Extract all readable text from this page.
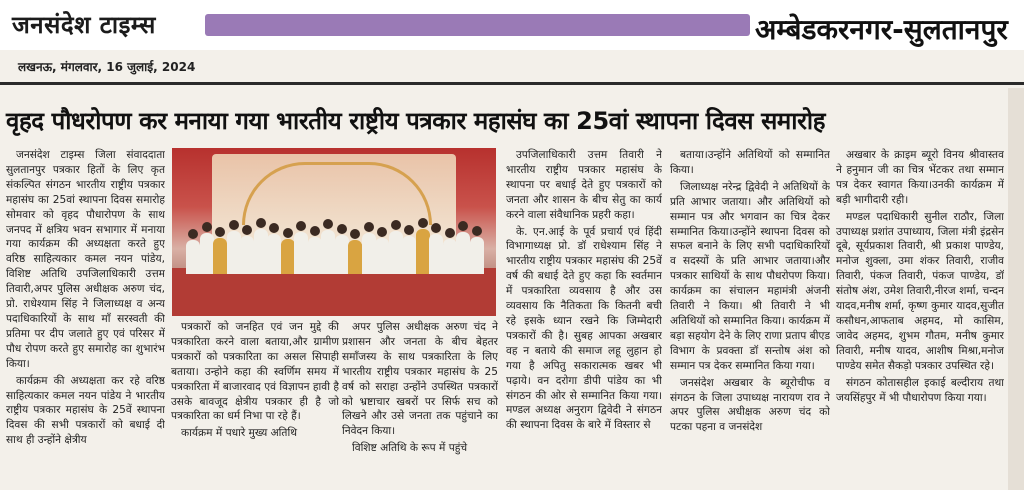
जनसंदेश टाइम्स	अम्बेडकरनगर-सुलतानपुर
लखनऊ, मंगलवार, 16 जुलाई, 2024
वृहद पौधरोपण कर मनाया गया भारतीय राष्ट्रीय पत्रकार महासंघ का 25वां स्थापना दिवस समारोह

जनसंदेश टाइम्स जिला संवाददाता सुलतानपुर पत्रकार हितों के लिए कृत संकल्पित संगठन भारतीय राष्ट्रीय पत्रकार महासंघ का 25वां स्थापना दिवस समारोह सोमवार को वृहद पौधारोपण के साथ जनपद में क्षत्रिय भवन सभागार में मनाया गया कार्यक्रम की अध्यक्षता करते हुए वरिष्ठ साहित्यकार कमल नयन पांडेय, विशिष्ट अतिथि उपजिलाधिकारी उत्तम तिवारी,अपर पुलिस अधीक्षक अरुण चंद, प्रो. राधेश्याम सिंह ने जिलाध्यक्ष व अन्य पदाधिकारियों के साथ माँ सरस्वती की प्रतिमा पर दीप जलाते हुए एवं परिसर में पौध रोपण करते हुए समारोह का शुभारंभ किया।

कार्यक्रम की अध्यक्षता कर रहे वरिष्ठ साहित्यकार कमल नयन पांडेय ने भारतीय राष्ट्रीय पत्रकार महासंघ के 25वें स्थापना दिवस की सभी पत्रकारों को बधाई दी साथ ही उन्होंने क्षेत्रीय

पत्रकारों को जनहित एवं जन मुद्दे की पत्रकारिता करने वाला बताया,और ग्रामीण पत्रकारों को पत्रकारिता का असल सिपाही बताया। उन्होने कहा की स्वर्णिम समय में पत्रकारिता में बाजारवाद एवं विज्ञापन हावी है उसके बावजूद क्षेत्रीय पत्रकार ही है जो पत्रकारिता का धर्म निभा पा रहे हैं।

कार्यक्रम में पधारे मुख्य अतिथि

अपर पुलिस अधीक्षक अरुण चंद ने प्रशासन और जनता के बीच बेहतर समाँजस्य के साथ पत्रकारिता के लिए भारतीय राष्ट्रीय पत्रकार महासंघ के 25 वर्ष को सराहा उन्होंने उपस्थित पत्रकारों को भ्रष्टाचार खबरों पर सिर्फ सच को लिखने और उसे जनता तक पहुंचाने का निवेदन किया।

विशिष्ट अतिथि के रूप में पहुंचे

उपजिलाधिकारी उत्तम तिवारी ने भारतीय राष्ट्रीय पत्रकार महासंघ के स्थापना पर बधाई देते हुए पत्रकारों को जनता और शासन के बीच सेतु का कार्य करने वाला संवैधानिक प्रहरी कहा।

के. एन.आई के पूर्व प्रचार्य एवं हिंदी विभागाध्यक्ष प्रो. डॉ राधेश्याम सिंह ने भारतीय राष्ट्रीय पत्रकार महासंघ की 25वें वर्ष की बधाई देते हुए कहा कि स्वर्तमान में पत्रकारिता व्यवसाय है और उस व्यवसाय कि नैतिकता कि कितनी बची रहे इसके ध्यान रखने कि जिम्मेदारी पत्रकारों की है। सुबह आपका अखबार वह न बताये की समाज लहू लुहान हो गया है अपितु सकारात्मक खबर भी पढ़ाये। वन दरोगा डीपी पांडेय का भी संगठन की ओर से सम्मानित किया गया। मण्डल अध्यक्ष अनुराग द्विवेदी ने संगठन की स्थापना दिवस के बारे में विस्तार से

बताया।उन्होंने अतिथियों को सम्मानित किया।

जिलाध्यक्ष नरेन्द्र द्विवेदी ने अतिथियों के प्रति आभार जताया। और अतिथियों को सम्मान पत्र और भगवान का चित्र देकर सम्मानित किया।उन्होंने स्थापना दिवस को सफल बनाने के लिए सभी पदाधिकारियों व सदस्यों के प्रति आभार जताया।और पत्रकार साथियों के साथ पौधरोपण किया। कार्यक्रम का संचालन महामंत्री अंजनी तिवारी ने किया। श्री तिवारी ने भी अतिथियों को सम्मानित किया। कार्यक्रम में बड़ा सहयोग देने के लिए राणा प्रताप बीएड विभाग के प्रवक्ता डॉ सन्तोष अंश को सम्मान पत्र देकर सम्मानित किया गया।

जनसंदेश अखबार के ब्यूरोचीफ व संगठन के जिला उपाध्यक्ष नारायण राव ने अपर पुलिस अधीक्षक अरुण चंद को पटका पहना व जनसंदेश

अखबार के क्राइम ब्यूरो विनय श्रीवास्तव ने हनुमान जी का चित्र भेंटकर तथा सम्मान पत्र देकर स्वागत किया।उनकी कार्यक्रम में बड़ी भागीदारी रही।

मण्डल पदाधिकारी सुनील राठौर, जिला उपाध्यक्ष प्रशांत उपाध्याय, जिला मंत्री इंद्रसेन दूबे, सूर्यप्रकाश तिवारी, श्री प्रकाश पाण्डेय, मनोज शुक्ला, उमा शंकर तिवारी, राजीव तिवारी, पंकज तिवारी, पंकज पाण्डेय, डॉ संतोष अंश, उमेश तिवारी,नीरज शर्मा, चन्दन यादव,मनीष शर्मा, कृष्ण कुमार यादव,सुजीत कसौधन,आफताब अहमद, मो कासिम, जावेद अहमद, शुभम गौतम, मनीष कुमार तिवारी, मनीष यादव, आशीष मिश्रा,मनोज पाण्डेय समेत सैकड़ो पत्रकार उपस्थित रहे।

संगठन कोतासहील इकाई बल्दीराय तथा जयसिंहपुर में भी पौधारोपण किया गया।
